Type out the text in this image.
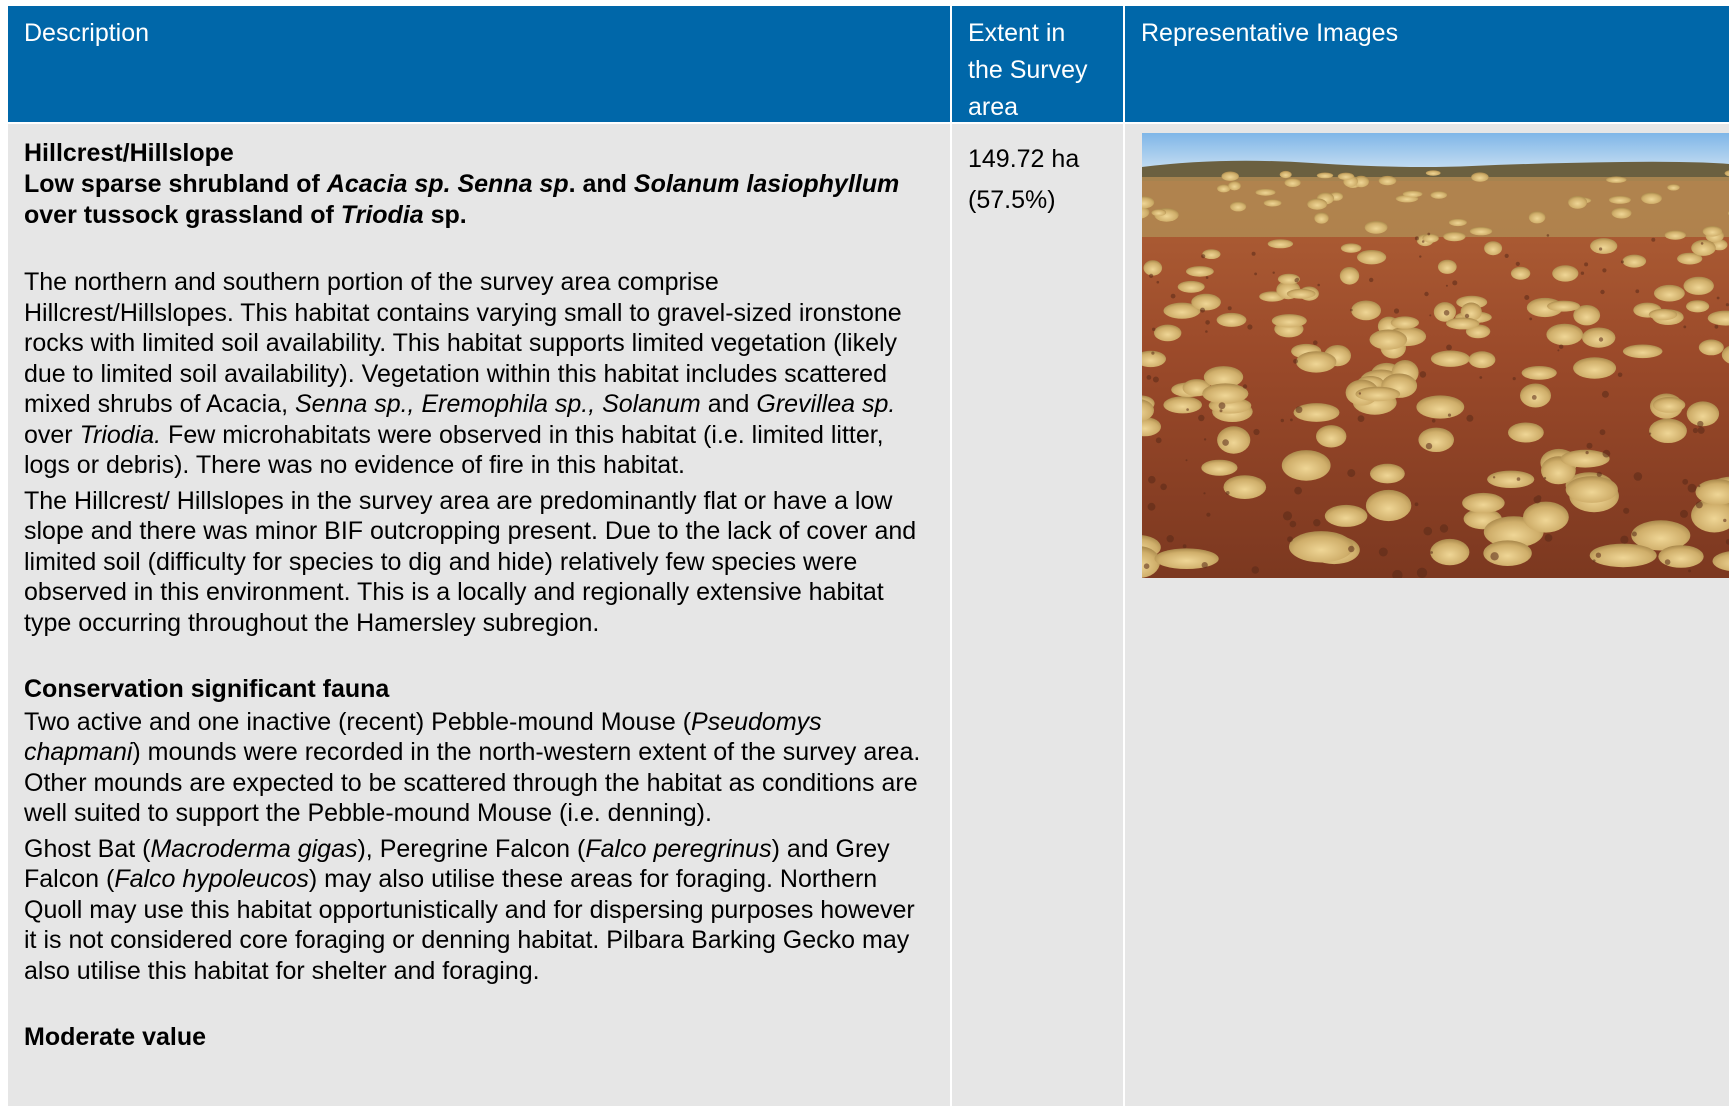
Description

Hillcrest/Hillslope

Low sparse shrubland of Acacia sp. Senna sp. and Solanum lasiophyllum over tussock grassland of Triodia sp.

The northern and southern portion of the survey area comprise Hillcrest/Hillslopes. This habitat contains varying small to gravel-sized ironstone rocks with limited soil availability. This habitat supports limited vegetation (likely due to limited soil availability). Vegetation within this habitat includes scattered mixed shrubs of Acacia, Senna sp., Eremophila sp., Solanum and Grevillea sp. over Triodia. Few microhabitats were observed in this habitat (i.e. limited litter, logs or debris). There was no evidence of fire in this habitat.

The Hillcrest/ Hillslopes in the survey area are predominantly flat or have a low slope and there was minor BIF outcropping present. Due to the lack of cover and limited soil (difficulty for species to dig and hide) relatively few species were observed in this environment. This is a locally and regionally extensive habitat type occurring throughout the Hamersley subregion.

Conservation significant fauna

Two active and one inactive (recent) Pebble-mound Mouse (Pseudomys chapmani) mounds were recorded in the north-western extent of the survey area. Other mounds are expected to be scattered through the habitat as conditions are well suited to support the Pebble-mound Mouse (i.e. denning).

Ghost Bat (Macroderma gigas), Peregrine Falcon (Falco peregrinus) and Grey Falcon (Falco hypoleucos) may also utilise these areas for foraging. Northern Quoll may use this habitat opportunistically and for dispersing purposes however it is not considered core foraging or denning habitat. Pilbara Barking Gecko may also utilise this habitat for shelter and foraging.

Moderate value

Extent in
the Survey
area
149.72 ha
(57.5%)
Representative Images
